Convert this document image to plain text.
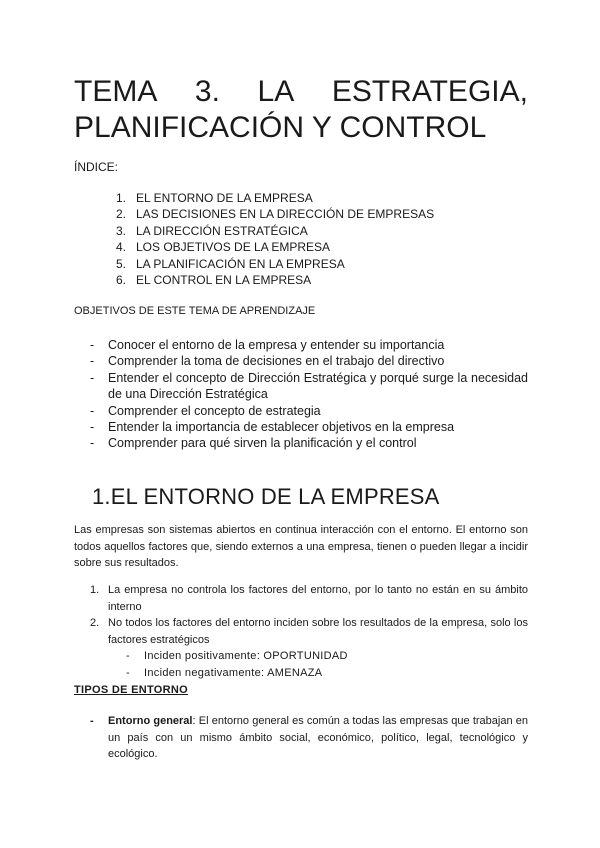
TEMA 3. LA ESTRATEGIA,
PLANIFICACIÓN Y CONTROL
ÍNDICE:
1. EL ENTORNO DE LA EMPRESA
2. LAS DECISIONES EN LA DIRECCIÓN DE EMPRESAS
3. LA DIRECCIÓN ESTRATÉGICA
4. LOS OBJETIVOS DE LA EMPRESA
5. LA PLANIFICACIÓN EN LA EMPRESA
6. EL CONTROL EN LA EMPRESA
OBJETIVOS DE ESTE TEMA DE APRENDIZAJE
-	Conocer el entorno de la empresa y entender su importancia
-	Comprender la toma de decisiones en el trabajo del directivo
-	Entender el concepto de Dirección Estratégica y porqué surge la necesidad de una Dirección Estratégica
-	Comprender el concepto de estrategia
-	Entender la importancia de establecer objetivos en la empresa
-	Comprender para qué sirven la planificación y el control
1.EL ENTORNO DE LA EMPRESA

Las empresas son sistemas abiertos en continua interacción con el entorno. El entorno son todos aquellos factores que, siendo externos a una empresa, tienen o pueden llegar a incidir sobre sus resultados.

1. La empresa no controla los factores del entorno, por lo tanto no están en su ámbito interno
2. No todos los factores del entorno inciden sobre los resultados de la empresa, solo los factores estratégicos
-	Inciden positivamente: OPORTUNIDAD
-	Inciden negativamente: AMENAZA
TIPOS DE ENTORNO
-	Entorno general: El entorno general es común a todas las empresas que trabajan en un país con un mismo ámbito social, económico, político, legal, tecnológico y ecológico.
